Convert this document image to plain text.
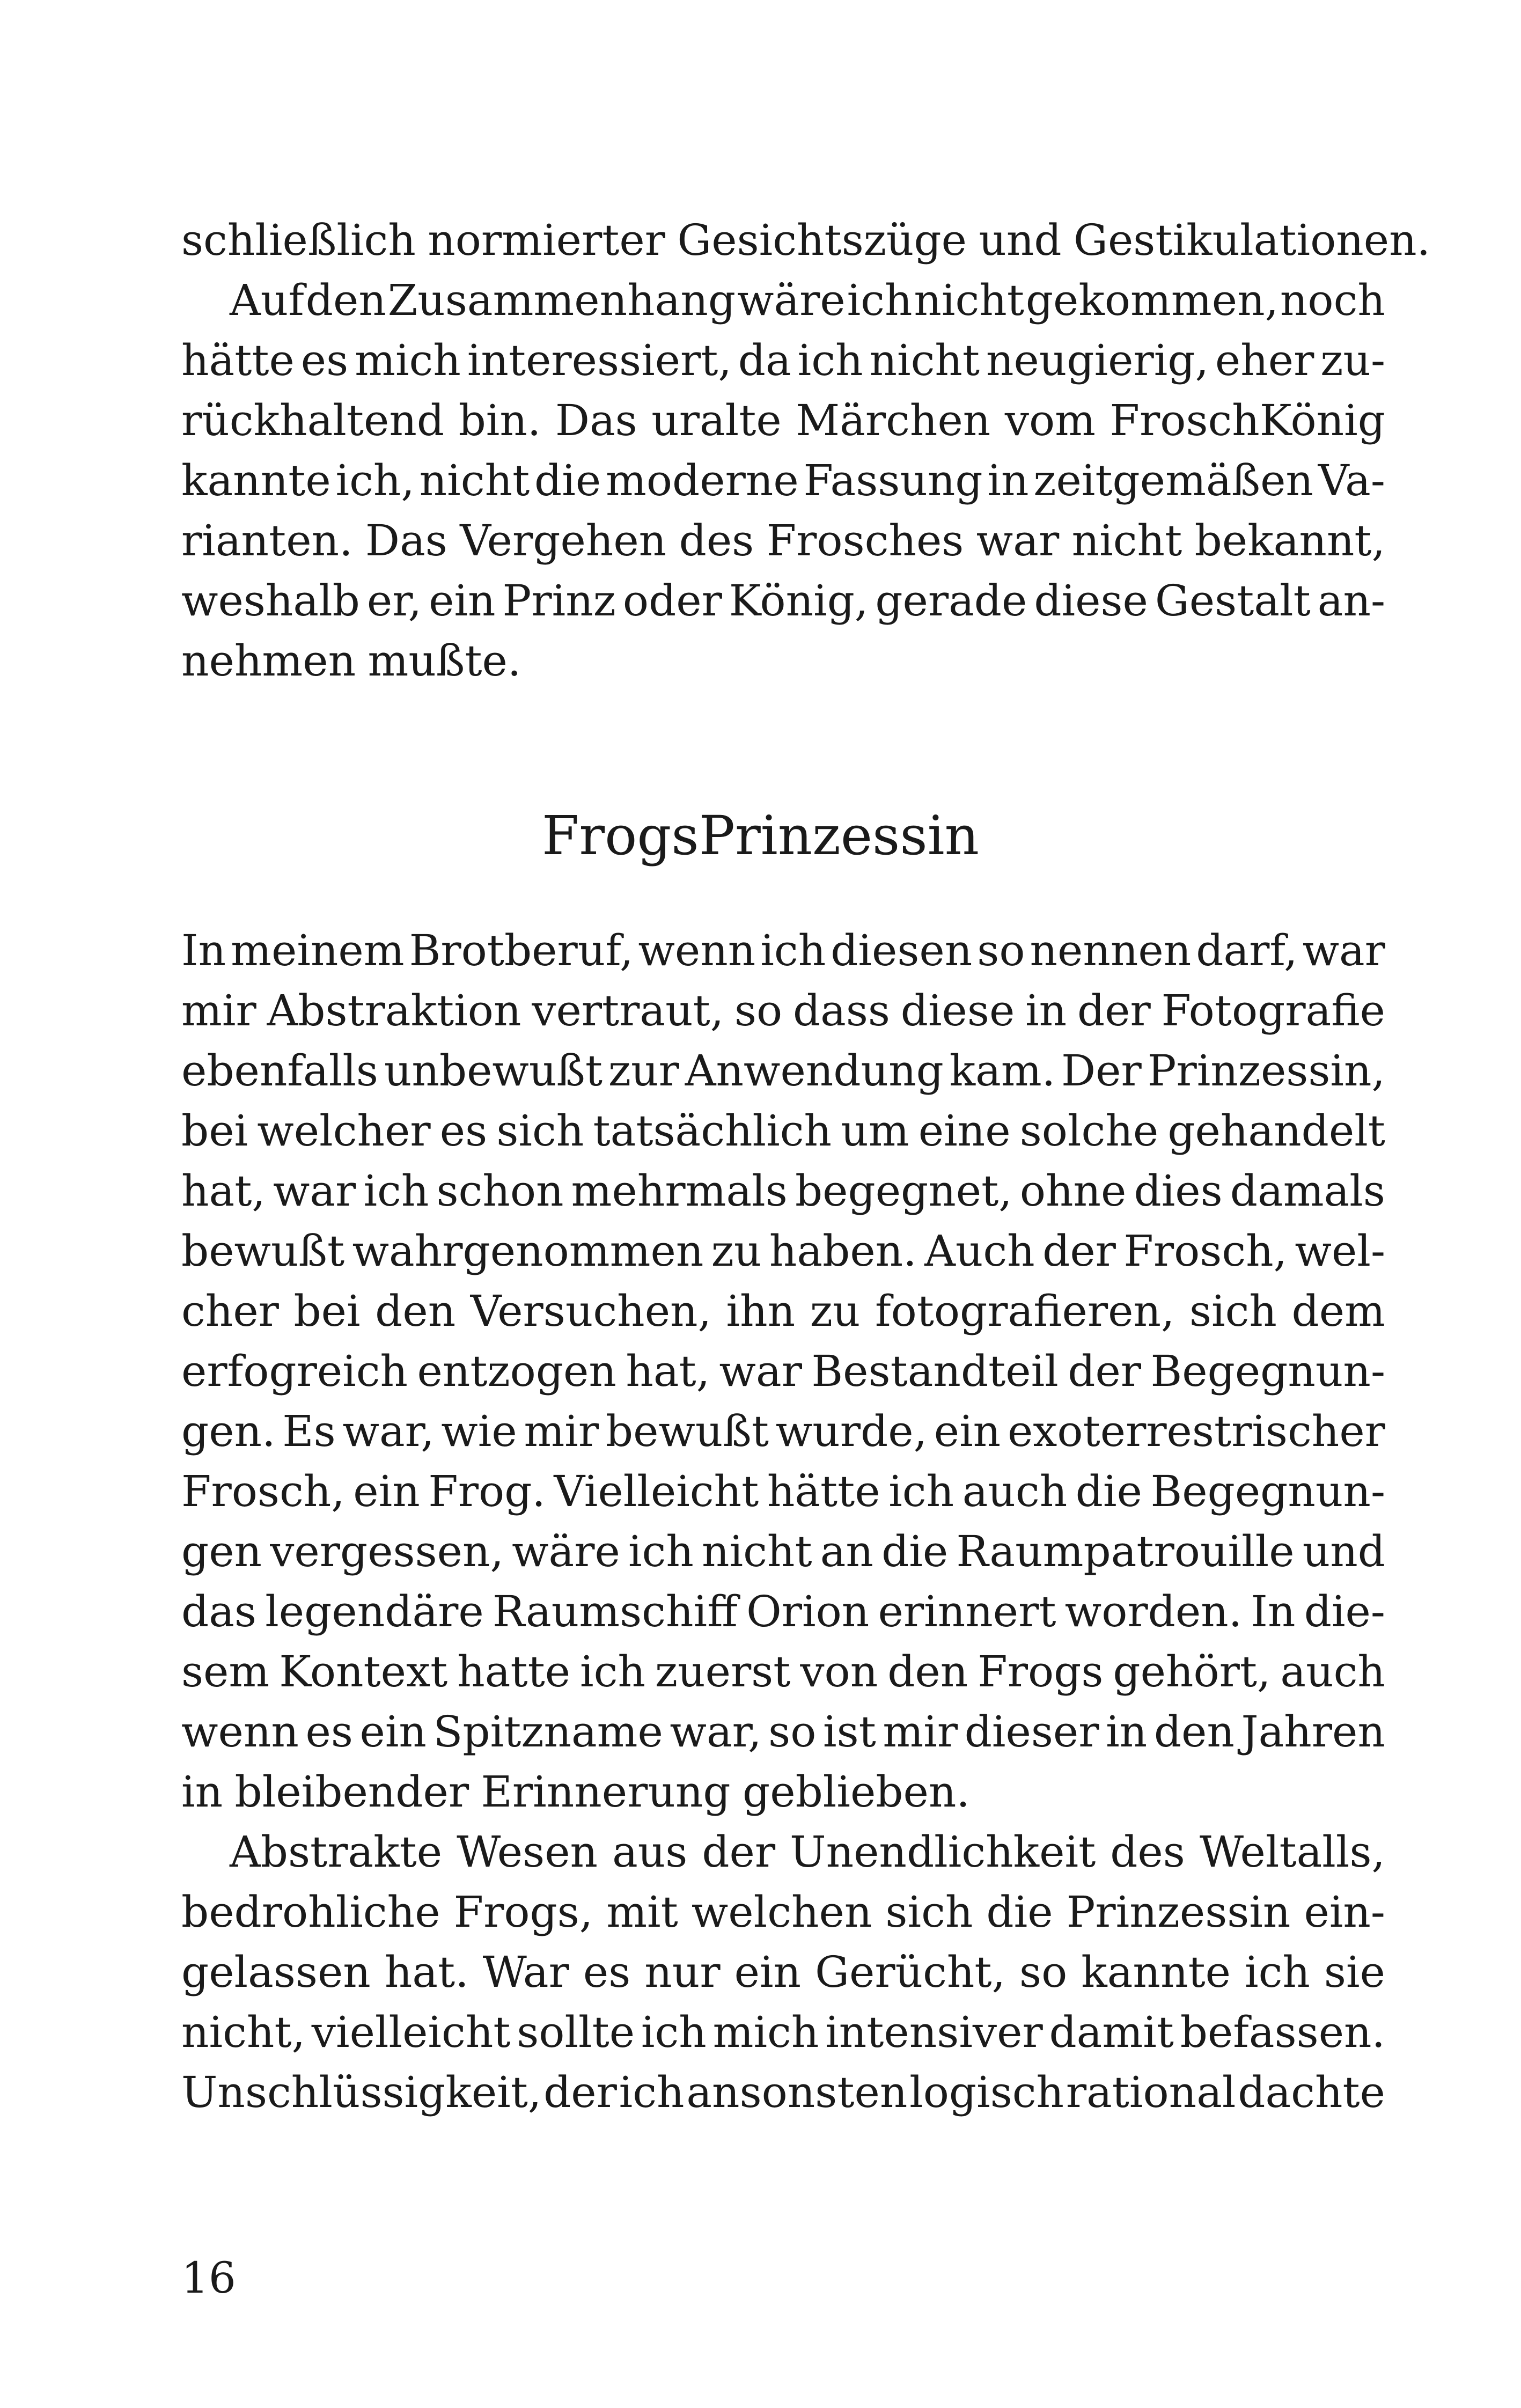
schließlich normierter Gesichtszüge und Gestikulationen.
Auf den Zusammenhang wäre ich nicht gekommen, noch
hätte es mich interessiert, da ich nicht neugierig, eher zu-
rückhaltend bin. Das uralte Märchen vom FroschKönig
kannte ich, nicht die moderne Fassung in zeitgemäßen Va-
rianten. Das Vergehen des Frosches war nicht bekannt,
weshalb er, ein Prinz oder König, gerade diese Gestalt an-
nehmen mußte.
FrogsPrinzessin
In meinem Brotberuf, wenn ich diesen so nennen darf, war
mir Abstraktion vertraut, so dass diese in der Fotografie
ebenfalls unbewußt zur Anwendung kam. Der Prinzessin,
bei welcher es sich tatsächlich um eine solche gehandelt
hat, war ich schon mehrmals begegnet, ohne dies damals
bewußt wahrgenommen zu haben. Auch der Frosch, wel-
cher bei den Versuchen, ihn zu fotografieren, sich dem
erfogreich entzogen hat, war Bestandteil der Begegnun-
gen. Es war, wie mir bewußt wurde, ein exoterrestrischer
Frosch, ein Frog. Vielleicht hätte ich auch die Begegnun-
gen vergessen, wäre ich nicht an die Raumpatrouille und
das legendäre Raumschiff Orion erinnert worden. In die-
sem Kontext hatte ich zuerst von den Frogs gehört, auch
wenn es ein Spitzname war, so ist mir dieser in den Jahren
in bleibender Erinnerung geblieben.
Abstrakte Wesen aus der Unendlichkeit des Weltalls,
bedrohliche Frogs, mit welchen sich die Prinzessin ein-
gelassen hat. War es nur ein Gerücht, so kannte ich sie
nicht, vielleicht sollte ich mich intensiver damit befassen.
Unschlüssigkeit, der ich ansonsten logisch rational dachte
16
